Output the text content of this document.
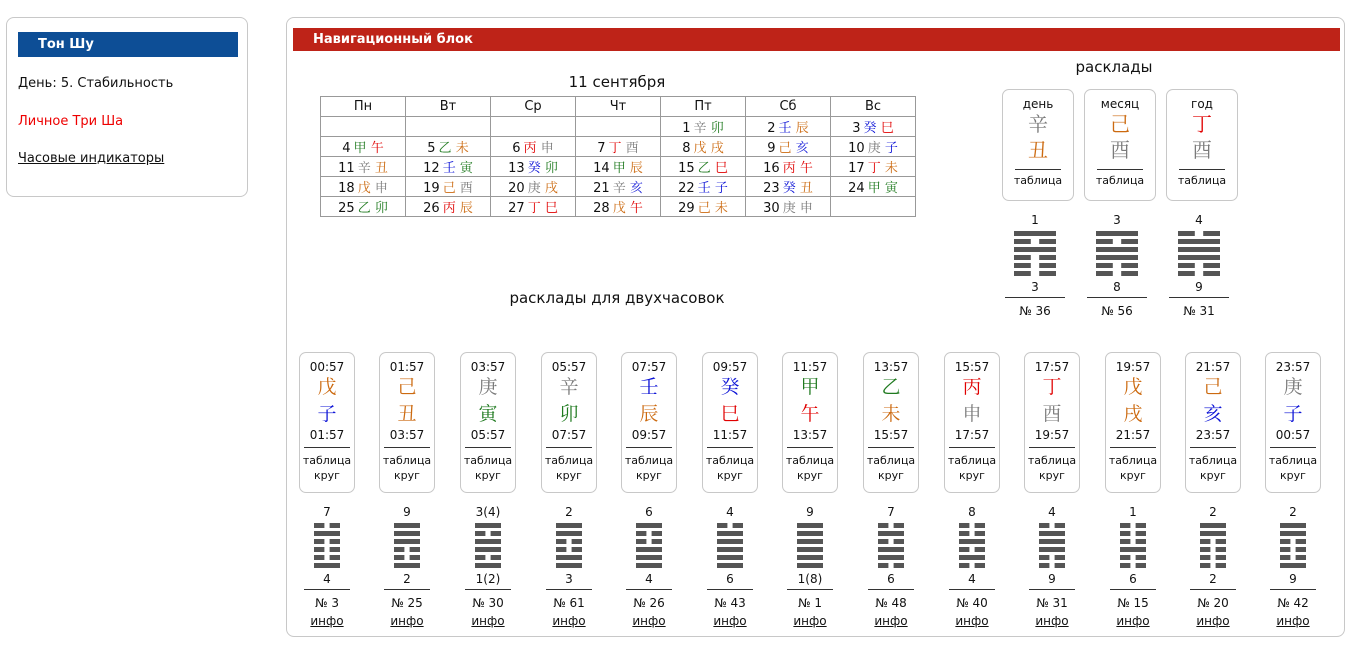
Тон Шу
День: 5. Стабильность
Личное Три Ша
Часовые индикаторы
Навигационный блок
11 сентября
Пн	Вт	Ср	Чт	Пт	Сб	Вс
				1 辛 卯	2 壬 辰	3 癸 巳
4 甲 午	5 乙 未	6 丙 申	7 丁 酉	8 戊 戌	9 己 亥	10 庚 子
11 辛 丑	12 壬 寅	13 癸 卯	14 甲 辰	15 乙 巳	16 丙 午	17 丁 未
18 戊 申	19 己 酉	20 庚 戌	21 辛 亥	22 壬 子	23 癸 丑	24 甲 寅
25 乙 卯	26 丙 辰	27 丁 巳	28 戊 午	29 己 未	30 庚 申	
расклады
день
辛
丑
таблица
месяц
己
酉
таблица
год
丁
酉
таблица
1
3
№ 36
3
8
№ 56
4
9
№ 31
расклады для двухчасовок
00:57
戊
子
01:57
таблица
круг
01:57
己
丑
03:57
таблица
круг
03:57
庚
寅
05:57
таблица
круг
05:57
辛
卯
07:57
таблица
круг
07:57
壬
辰
09:57
таблица
круг
09:57
癸
巳
11:57
таблица
круг
11:57
甲
午
13:57
таблица
круг
13:57
乙
未
15:57
таблица
круг
15:57
丙
申
17:57
таблица
круг
17:57
丁
酉
19:57
таблица
круг
19:57
戊
戌
21:57
таблица
круг
21:57
己
亥
23:57
таблица
круг
23:57
庚
子
00:57
таблица
круг
7
4
№ 3
инфо
9
2
№ 25
инфо
3(4)
1(2)
№ 30
инфо
2
3
№ 61
инфо
6
4
№ 26
инфо
4
6
№ 43
инфо
9
1(8)
№ 1
инфо
7
6
№ 48
инфо
8
4
№ 40
инфо
4
9
№ 31
инфо
1
6
№ 15
инфо
2
2
№ 20
инфо
2
9
№ 42
инфо
